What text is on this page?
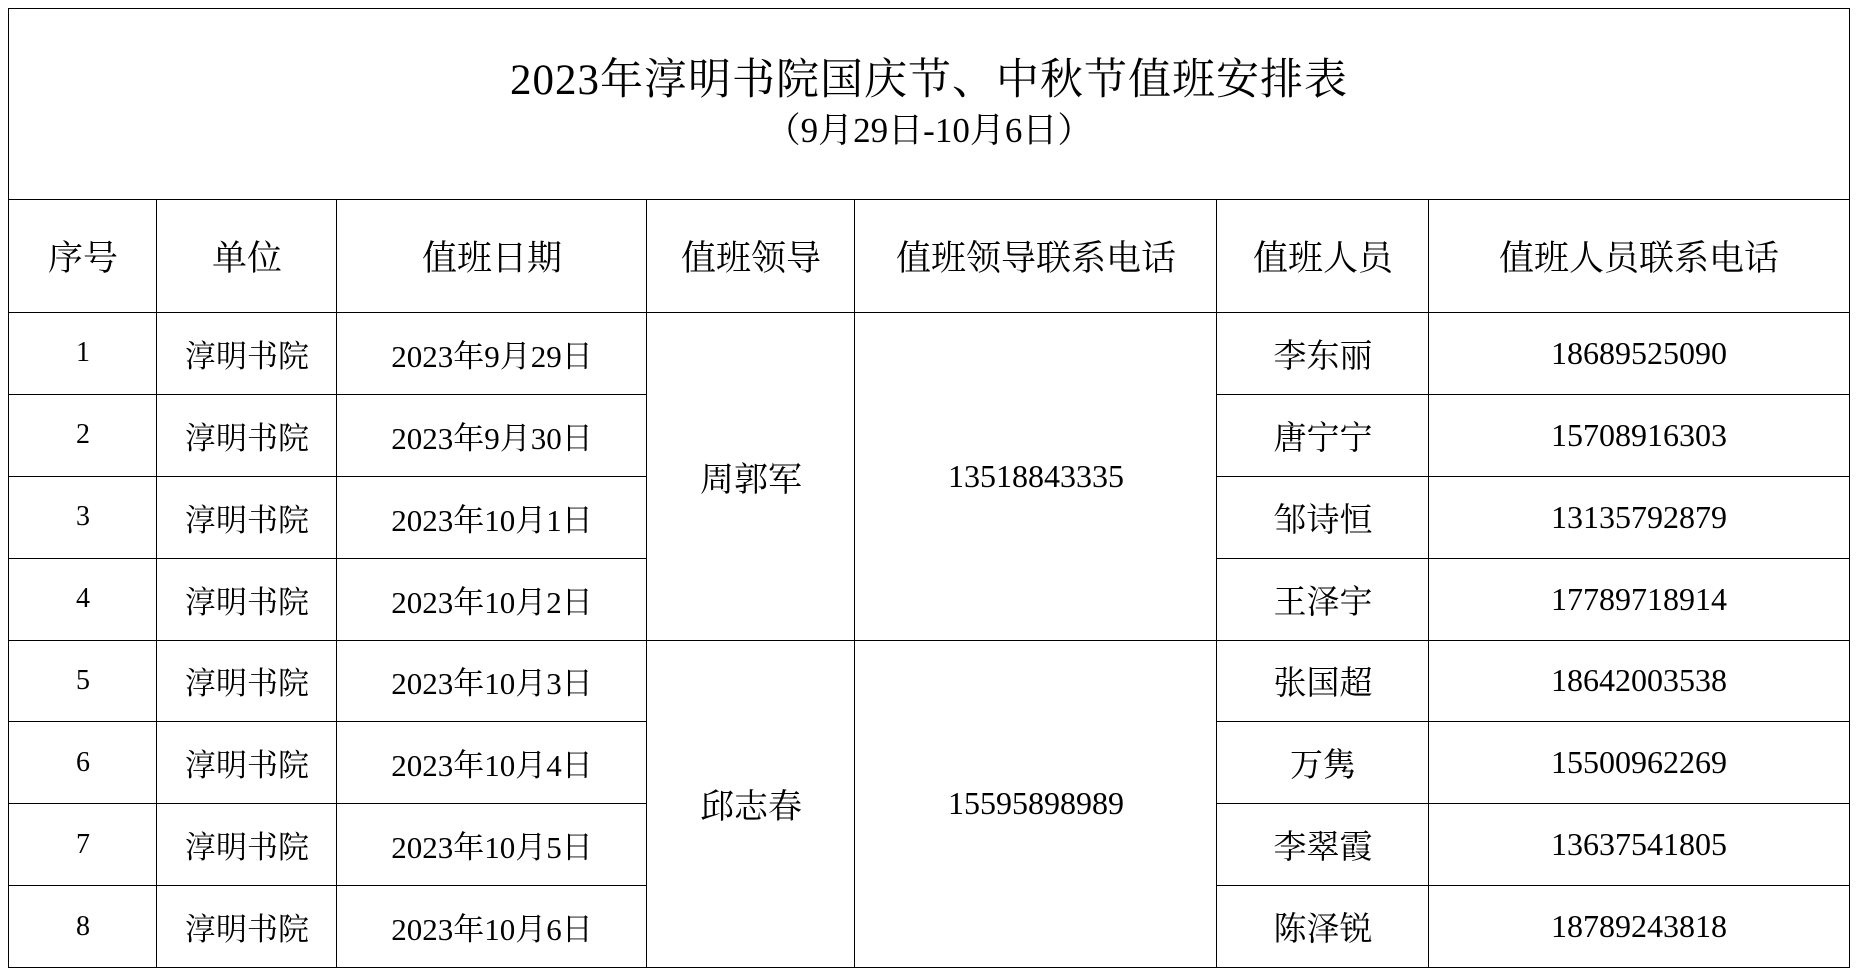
2023年淳明书院国庆节、中秋节值班安排表
（9月29日-10月6日）						

序号	单位	值班日期	值班领导	值班领导联系电话	值班人员	值班人员联系电话
1	淳明书院	2023年9月29日	周郭军	13518843335	李东丽	18689525090
2	淳明书院	2023年9月30日			唐宁宁	15708916303
3	淳明书院	2023年10月1日			邹诗恒	13135792879
4	淳明书院	2023年10月2日			王泽宇	17789718914
5	淳明书院	2023年10月3日	邱志春	15595898989	张国超	18642003538
6	淳明书院	2023年10月4日			万隽	15500962269
7	淳明书院	2023年10月5日			李翠霞	13637541805
8	淳明书院	2023年10月6日			陈泽锐	18789243818
